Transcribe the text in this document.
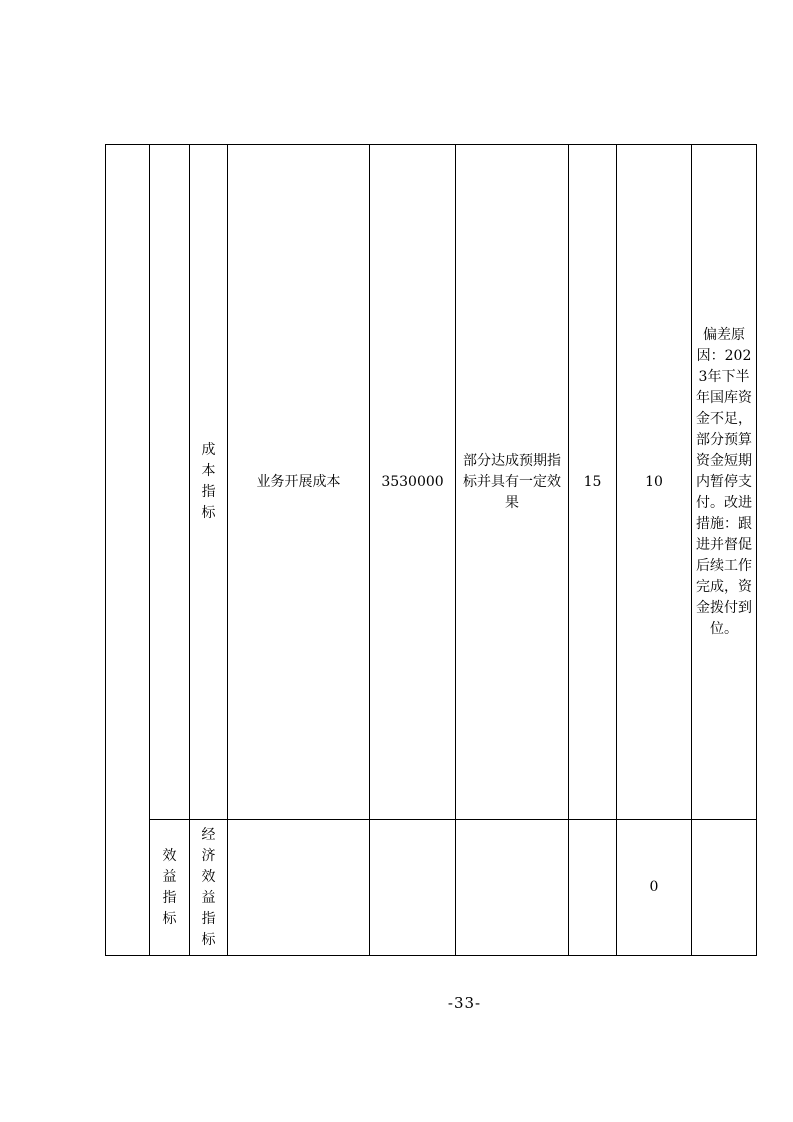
		成本指标	业务开展成本	3530000	部分达成预期指标并具有一定效果	15	10	偏差原因：2023年下半年国库资金不足，部分预算资金短期内暂停支付。改进措施：跟进并督促后续工作完成，资金拨付到位。

	效益指标	经济效益指标					0	
-33-
